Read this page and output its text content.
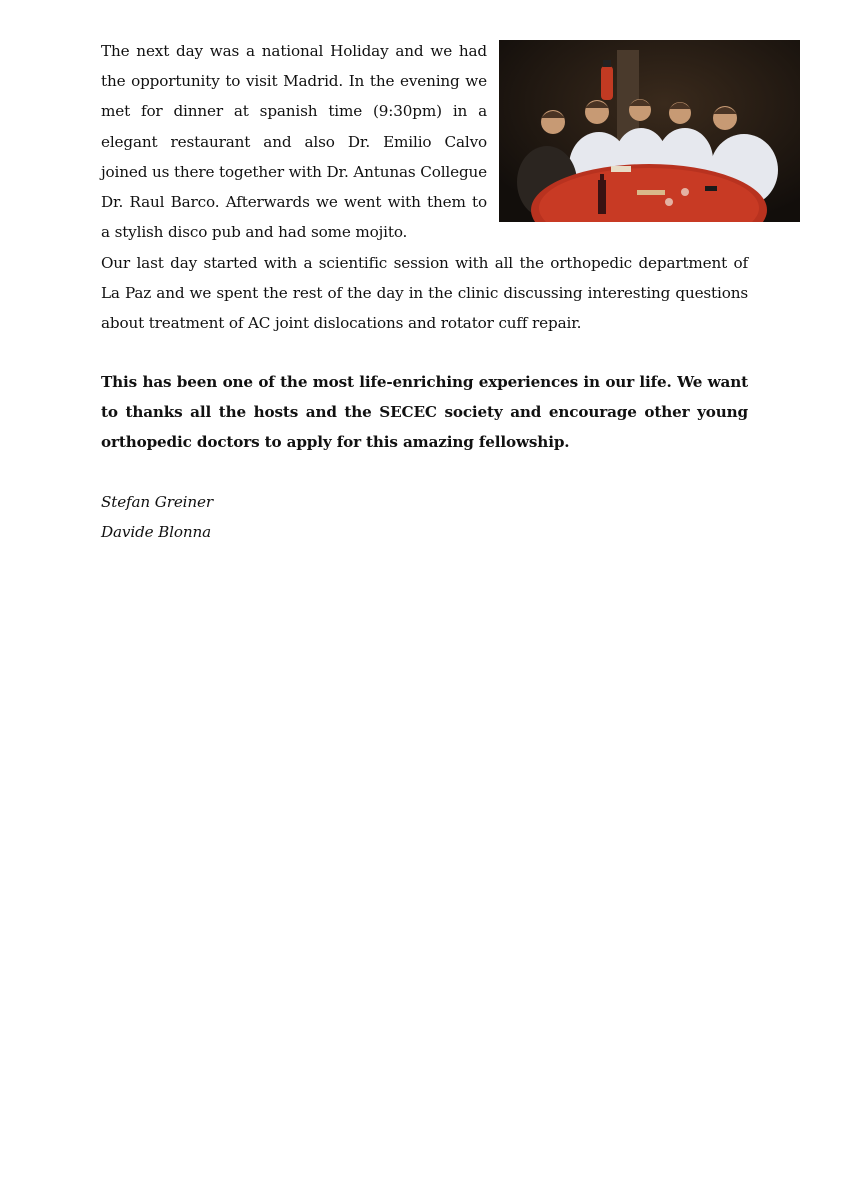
The next day was a national Holiday and we had the opportunity to visit Madrid. In the evening we met for dinner at spanish time (9:30pm) in a elegant restaurant and also Dr. Emilio Calvo joined us there together with Dr. Antunas Collegue Dr. Raul Barco. Afterwards we went with them to a stylish disco pub and had some mojito.

Our last day started with a scientific session with all the orthopedic department of La Paz and we spent the rest of the day in the clinic discussing interesting questions about treatment of AC joint dislocations and rotator cuff repair.

This has been one of the most life-enriching experiences in our life. We want to thanks all the hosts and the SECEC society and encourage other young orthopedic doctors to apply for this amazing fellowship.

Stefan Greiner
Davide Blonna
